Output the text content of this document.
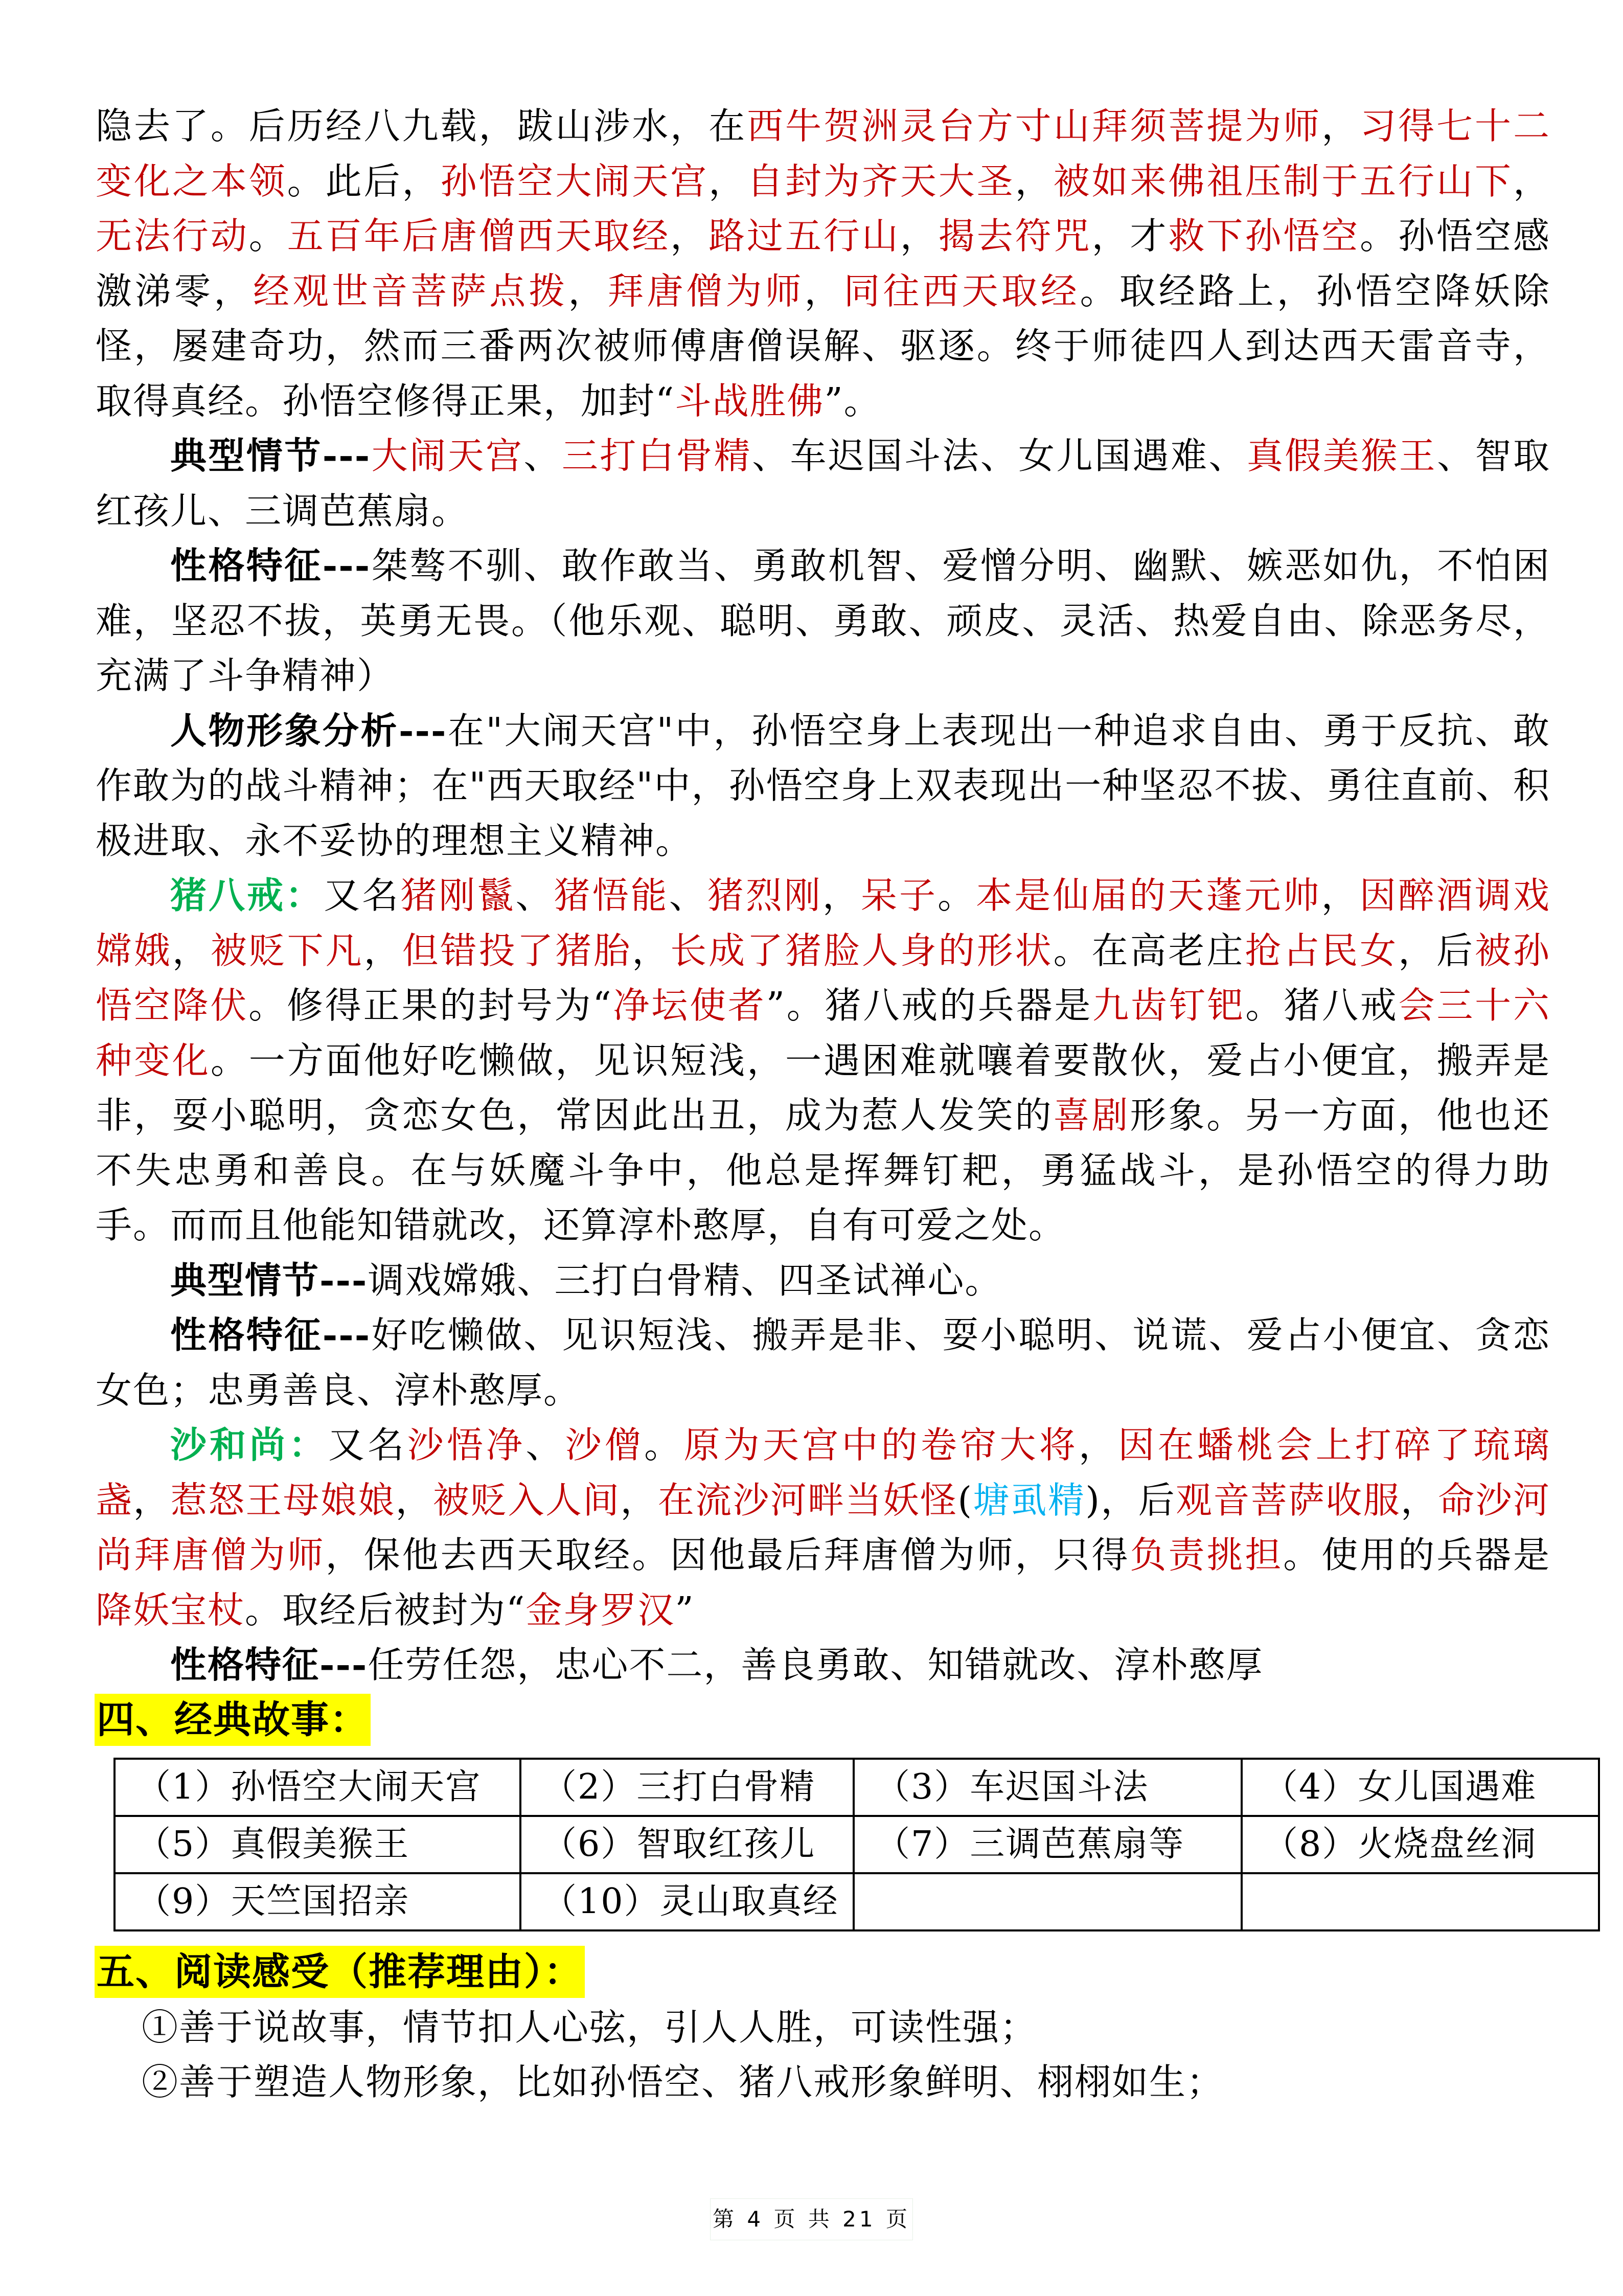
隐去了。后历经八九载，跋山涉水，在西牛贺洲灵台方寸山拜须菩提为师，习得七十二变化之本领。此后，孙悟空大闹天宫，自封为齐天大圣，被如来佛祖压制于五行山下，无法行动。五百年后唐僧西天取经，路过五行山，揭去符咒，才救下孙悟空。孙悟空感激涕零，经观世音菩萨点拨，拜唐僧为师，同往西天取经。取经路上，孙悟空降妖除怪，屡建奇功，然而三番两次被师傅唐僧误解、驱逐。终于师徒四人到达西天雷音寺，取得真经。孙悟空修得正果，加封“斗战胜佛”。

典型情节---大闹天宫、三打白骨精、车迟国斗法、女儿国遇难、真假美猴王、智取红孩儿、三调芭蕉扇。

性格特征---桀骜不驯、敢作敢当、勇敢机智、爱憎分明、幽默、嫉恶如仇，不怕困难，坚忍不拔，英勇无畏。（他乐观、聪明、勇敢、顽皮、灵活、热爱自由、除恶务尽，充满了斗争精神）

人物形象分析---在"大闹天宫"中，孙悟空身上表现出一种追求自由、勇于反抗、敢作敢为的战斗精神；在"西天取经"中，孙悟空身上双表现出一种坚忍不拔、勇往直前、积极进取、永不妥协的理想主义精神。

猪八戒：又名猪刚鬣、猪悟能、猪烈刚，呆子。本是仙届的天蓬元帅，因醉酒调戏嫦娥，被贬下凡，但错投了猪胎，长成了猪脸人身的形状。在高老庄抢占民女，后被孙悟空降伏。修得正果的封号为“净坛使者”。猪八戒的兵器是九齿钉钯。猪八戒会三十六种变化。一方面他好吃懒做，见识短浅，一遇困难就嚷着要散伙，爱占小便宜，搬弄是非，耍小聪明，贪恋女色，常因此出丑，成为惹人发笑的喜剧形象。另一方面，他也还不失忠勇和善良。在与妖魔斗争中，他总是挥舞钉耙，勇猛战斗，是孙悟空的得力助手。而而且他能知错就改，还算淳朴憨厚，自有可爱之处。

典型情节---调戏嫦娥、三打白骨精、四圣试禅心。

性格特征---好吃懒做、见识短浅、搬弄是非、耍小聪明、说谎、爱占小便宜、贪恋女色；忠勇善良、淳朴憨厚。

沙和尚：又名沙悟净、沙僧。原为天宫中的卷帘大将，因在蟠桃会上打碎了琉璃盏，惹怒王母娘娘，被贬入人间，在流沙河畔当妖怪(塘虱精)，后观音菩萨收服，命沙河尚拜唐僧为师，保他去西天取经。因他最后拜唐僧为师，只得负责挑担。使用的兵器是降妖宝杖。取经后被封为“金身罗汉”

性格特征---任劳任怨，忠心不二，善良勇敢、知错就改、淳朴憨厚

四、经典故事：
（1）孙悟空大闹天宫	（2）三打白骨精	（3）车迟国斗法	（4）女儿国遇难
（5）真假美猴王	（6）智取红孩儿	（7）三调芭蕉扇等	（8）火烧盘丝洞
（9）天竺国招亲	（10）灵山取真经		
五、阅读感受（推荐理由）：

①善于说故事，情节扣人心弦，引人人胜，可读性强；

②善于塑造人物形象，比如孙悟空、猪八戒形象鲜明、栩栩如生；

第 4 页 共 21 页
